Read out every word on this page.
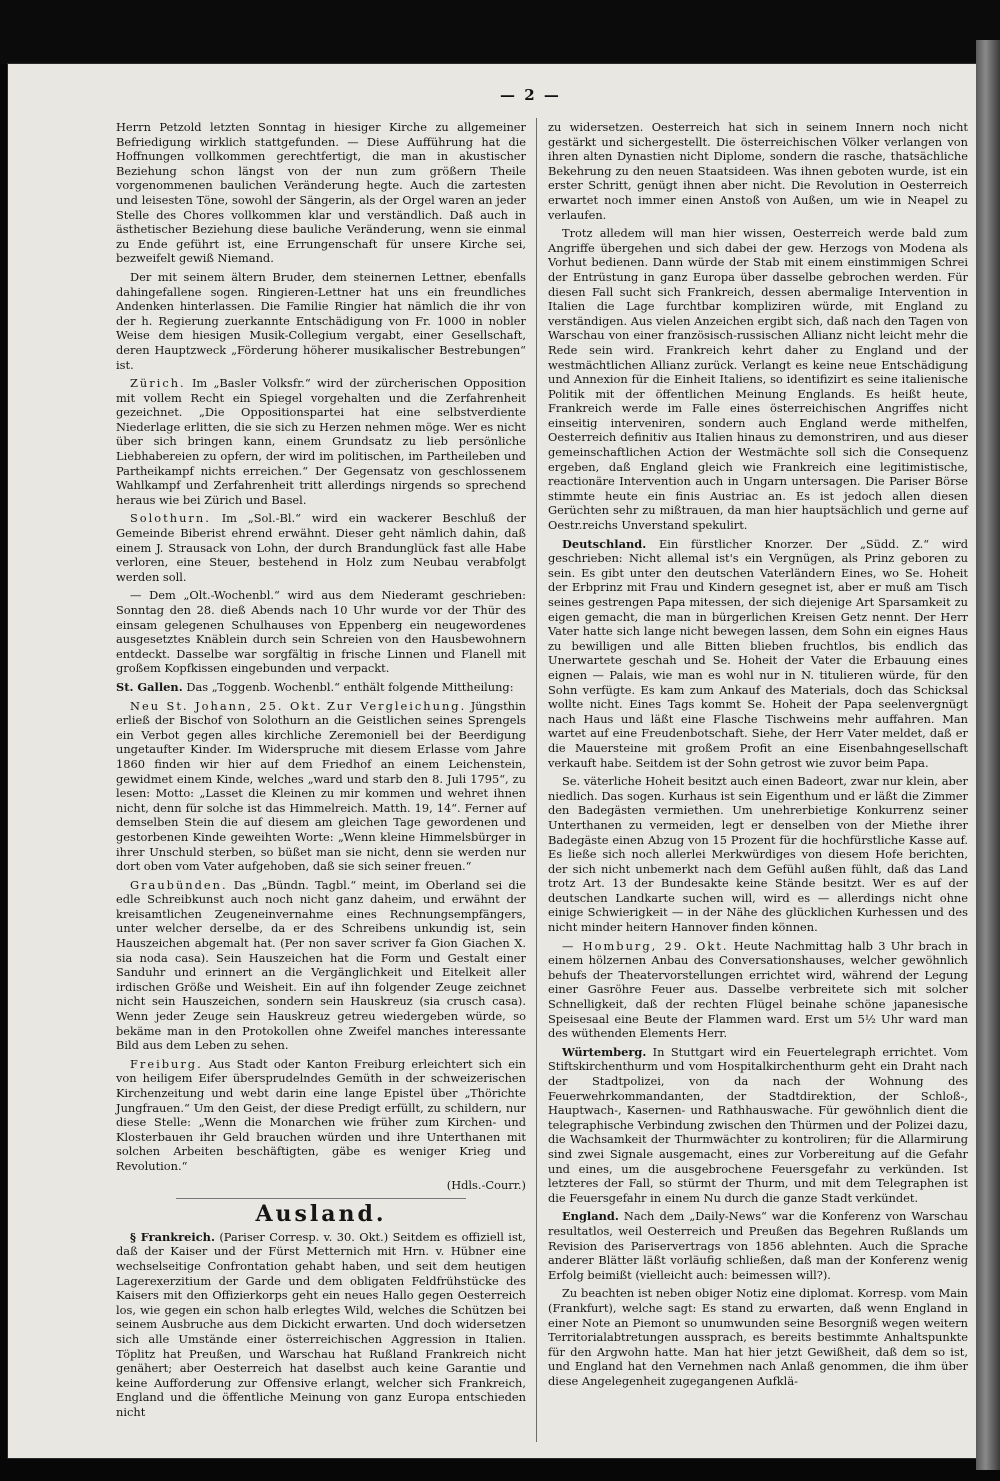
— 2 —

Herrn Petzold letzten Sonntag in hiesiger Kirche zu allgemeiner Befriedigung wirklich stattgefunden. — Diese Aufführung hat die Hoffnungen vollkommen gerechtfertigt, die man in akustischer Beziehung schon längst von der nun zum größern Theile vorgenommenen baulichen Veränderung hegte. Auch die zartesten und leisesten Töne, sowohl der Sängerin, als der Orgel waren an jeder Stelle des Chores vollkommen klar und verständlich. Daß auch in ästhetischer Beziehung diese bauliche Veränderung, wenn sie einmal zu Ende geführt ist, eine Errungenschaft für unsere Kirche sei, bezweifelt gewiß Niemand.

Der mit seinem ältern Bruder, dem steinernen Lettner, ebenfalls dahingefallene sogen. Ringieren-Lettner hat uns ein freundliches Andenken hinterlassen. Die Familie Ringier hat nämlich die ihr von der h. Regierung zuerkannte Entschädigung von Fr. 1000 in nobler Weise dem hiesigen Musik-Collegium vergabt, einer Gesellschaft, deren Hauptzweck „Förderung höherer musikalischer Bestrebungen“ ist.

Zürich. Im „Basler Volksfr.“ wird der zürcherischen Opposition mit vollem Recht ein Spiegel vorgehalten und die Zerfahrenheit gezeichnet. „Die Oppositionspartei hat eine selbstverdiente Niederlage erlitten, die sie sich zu Herzen nehmen möge. Wer es nicht über sich bringen kann, einem Grundsatz zu lieb persönliche Liebhabereien zu opfern, der wird im politischen, im Partheileben und Partheikampf nichts erreichen.“ Der Gegensatz von geschlossenem Wahlkampf und Zerfahrenheit tritt allerdings nirgends so sprechend heraus wie bei Zürich und Basel.

Solothurn. Im „Sol.-Bl.“ wird ein wackerer Beschluß der Gemeinde Biberist ehrend erwähnt. Dieser geht nämlich dahin, daß einem J. Strausack von Lohn, der durch Brandunglück fast alle Habe verloren, eine Steuer, bestehend in Holz zum Neubau verabfolgt werden soll.

— Dem „Olt.-Wochenbl.“ wird aus dem Niederamt geschrieben: Sonntag den 28. dieß Abends nach 10 Uhr wurde vor der Thür des einsam gelegenen Schulhauses von Eppenberg ein neugewordenes ausgesetztes Knäblein durch sein Schreien von den Hausbewohnern entdeckt. Dasselbe war sorgfältig in frische Linnen und Flanell mit großem Kopfkissen eingebunden und verpackt.

St. Gallen. Das „Toggenb. Wochenbl.“ enthält folgende Mittheilung:

Neu St. Johann, 25. Okt. Zur Vergleichung. Jüngsthin erließ der Bischof von Solothurn an die Geistlichen seines Sprengels ein Verbot gegen alles kirchliche Zeremoniell bei der Beerdigung ungetaufter Kinder. Im Widerspruche mit diesem Erlasse vom Jahre 1860 finden wir hier auf dem Friedhof an einem Leichenstein, gewidmet einem Kinde, welches „ward und starb den 8. Juli 1795“, zu lesen: Motto: „Lasset die Kleinen zu mir kommen und wehret ihnen nicht, denn für solche ist das Himmelreich. Matth. 19, 14“. Ferner auf demselben Stein die auf diesem am gleichen Tage gewordenen und gestorbenen Kinde geweihten Worte: „Wenn kleine Himmelsbürger in ihrer Unschuld sterben, so büßet man sie nicht, denn sie werden nur dort oben vom Vater aufgehoben, daß sie sich seiner freuen.“

Graubünden. Das „Bündn. Tagbl.“ meint, im Oberland sei die edle Schreibkunst auch noch nicht ganz daheim, und erwähnt der kreisamtlichen Zeugeneinvernahme eines Rechnungsempfängers, unter welcher derselbe, da er des Schreibens unkundig ist, sein Hauszeichen abgemalt hat. (Per non saver scriver fa Gion Giachen X. sia noda casa). Sein Hauszeichen hat die Form und Gestalt einer Sanduhr und erinnert an die Vergänglichkeit und Eitelkeit aller irdischen Größe und Weisheit. Ein auf ihn folgender Zeuge zeichnet nicht sein Hauszeichen, sondern sein Hauskreuz (sia crusch casa). Wenn jeder Zeuge sein Hauskreuz getreu wiedergeben würde, so bekäme man in den Protokollen ohne Zweifel manches interessante Bild aus dem Leben zu sehen.

Freiburg. Aus Stadt oder Kanton Freiburg erleichtert sich ein von heiligem Eifer übersprudelndes Gemüth in der schweizerischen Kirchenzeitung und webt darin eine lange Epistel über „Thörichte Jungfrauen.“ Um den Geist, der diese Predigt erfüllt, zu schildern, nur diese Stelle: „Wenn die Monarchen wie früher zum Kirchen- und Klosterbauen ihr Geld brauchen würden und ihre Unterthanen mit solchen Arbeiten beschäftigten, gäbe es weniger Krieg und Revolution.“

(Hdls.-Courr.)

Ausland.

§ Frankreich. (Pariser Corresp. v. 30. Okt.) Seitdem es offiziell ist, daß der Kaiser und der Fürst Metternich mit Hrn. v. Hübner eine wechselseitige Confrontation gehabt haben, und seit dem heutigen Lagerexerzitium der Garde und dem obligaten Feldfrühstücke des Kaisers mit den Offizierkorps geht ein neues Hallo gegen Oesterreich los, wie gegen ein schon halb erlegtes Wild, welches die Schützen bei seinem Ausbruche aus dem Dickicht erwarten. Und doch widersetzen sich alle Umstände einer österreichischen Aggression in Italien. Töplitz hat Preußen, und Warschau hat Rußland Frankreich nicht genähert; aber Oesterreich hat daselbst auch keine Garantie und keine Aufforderung zur Offensive erlangt, welcher sich Frankreich, England und die öffentliche Meinung von ganz Europa entschieden nicht

zu widersetzen. Oesterreich hat sich in seinem Innern noch nicht gestärkt und sichergestellt. Die österreichischen Völker verlangen von ihren alten Dynastien nicht Diplome, sondern die rasche, thatsächliche Bekehrung zu den neuen Staatsideen. Was ihnen geboten wurde, ist ein erster Schritt, genügt ihnen aber nicht. Die Revolution in Oesterreich erwartet noch immer einen Anstoß von Außen, um wie in Neapel zu verlaufen.

Trotz alledem will man hier wissen, Oesterreich werde bald zum Angriffe übergehen und sich dabei der gew. Herzogs von Modena als Vorhut bedienen. Dann würde der Stab mit einem einstimmigen Schrei der Entrüstung in ganz Europa über dasselbe gebrochen werden. Für diesen Fall sucht sich Frankreich, dessen abermalige Intervention in Italien die Lage furchtbar kompliziren würde, mit England zu verständigen. Aus vielen Anzeichen ergibt sich, daß nach den Tagen von Warschau von einer französisch-russischen Allianz nicht leicht mehr die Rede sein wird. Frankreich kehrt daher zu England und der westmächtlichen Allianz zurück. Verlangt es keine neue Entschädigung und Annexion für die Einheit Italiens, so identifizirt es seine italienische Politik mit der öffentlichen Meinung Englands. Es heißt heute, Frankreich werde im Falle eines österreichischen Angriffes nicht einseitig interveniren, sondern auch England werde mithelfen, Oesterreich definitiv aus Italien hinaus zu demonstriren, und aus dieser gemeinschaftlichen Action der Westmächte soll sich die Consequenz ergeben, daß England gleich wie Frankreich eine legitimistische, reactionäre Intervention auch in Ungarn untersagen. Die Pariser Börse stimmte heute ein finis Austriac an. Es ist jedoch allen diesen Gerüchten sehr zu mißtrauen, da man hier hauptsächlich und gerne auf Oestr.reichs Unverstand spekulirt.

Deutschland. Ein fürstlicher Knorzer. Der „Südd. Z.“ wird geschrieben: Nicht allemal ist's ein Vergnügen, als Prinz geboren zu sein. Es gibt unter den deutschen Vaterländern Eines, wo Se. Hoheit der Erbprinz mit Frau und Kindern gesegnet ist, aber er muß am Tisch seines gestrengen Papa mitessen, der sich diejenige Art Sparsamkeit zu eigen gemacht, die man in bürgerlichen Kreisen Getz nennt. Der Herr Vater hatte sich lange nicht bewegen lassen, dem Sohn ein eignes Haus zu bewilligen und alle Bitten blieben fruchtlos, bis endlich das Unerwartete geschah und Se. Hoheit der Vater die Erbauung eines eignen — Palais, wie man es wohl nur in N. titulieren würde, für den Sohn verfügte. Es kam zum Ankauf des Materials, doch das Schicksal wollte nicht. Eines Tags kommt Se. Hoheit der Papa seelenvergnügt nach Haus und läßt eine Flasche Tischweins mehr auffahren. Man wartet auf eine Freudenbotschaft. Siehe, der Herr Vater meldet, daß er die Mauersteine mit großem Profit an eine Eisenbahngesellschaft verkauft habe. Seitdem ist der Sohn getrost wie zuvor beim Papa.

Se. väterliche Hoheit besitzt auch einen Badeort, zwar nur klein, aber niedlich. Das sogen. Kurhaus ist sein Eigenthum und er läßt die Zimmer den Badegästen vermiethen. Um unehrerbietige Konkurrenz seiner Unterthanen zu vermeiden, legt er denselben von der Miethe ihrer Badegäste einen Abzug von 15 Prozent für die hochfürstliche Kasse auf. Es ließe sich noch allerlei Merkwürdiges von diesem Hofe berichten, der sich nicht unbemerkt nach dem Gefühl außen fühlt, daß das Land trotz Art. 13 der Bundesakte keine Stände besitzt. Wer es auf der deutschen Landkarte suchen will, wird es — allerdings nicht ohne einige Schwierigkeit — in der Nähe des glücklichen Kurhessen und des nicht minder heitern Hannover finden können.

— Homburg, 29. Okt. Heute Nachmittag halb 3 Uhr brach in einem hölzernen Anbau des Conversationshauses, welcher gewöhnlich behufs der Theatervorstellungen errichtet wird, während der Legung einer Gasröhre Feuer aus. Dasselbe verbreitete sich mit solcher Schnelligkeit, daß der rechten Flügel beinahe schöne japanesische Speisesaal eine Beute der Flammen ward. Erst um 5½ Uhr ward man des wüthenden Elements Herr.

Würtemberg. In Stuttgart wird ein Feuertelegraph errichtet. Vom Stiftskirchenthurm und vom Hospitalkirchenthurm geht ein Draht nach der Stadtpolizei, von da nach der Wohnung des Feuerwehrkommandanten, der Stadtdirektion, der Schloß-, Hauptwach-, Kasernen- und Rathhauswache. Für gewöhnlich dient die telegraphische Verbindung zwischen den Thürmen und der Polizei dazu, die Wachsamkeit der Thurmwächter zu kontroliren; für die Allarmirung sind zwei Signale ausgemacht, eines zur Vorbereitung auf die Gefahr und eines, um die ausgebrochene Feuersgefahr zu verkünden. Ist letzteres der Fall, so stürmt der Thurm, und mit dem Telegraphen ist die Feuersgefahr in einem Nu durch die ganze Stadt verkündet.

England. Nach dem „Daily-News“ war die Konferenz von Warschau resultatlos, weil Oesterreich und Preußen das Begehren Rußlands um Revision des Pariservertrags von 1856 ablehnten. Auch die Sprache anderer Blätter läßt vorläufig schließen, daß man der Konferenz wenig Erfolg beimißt (vielleicht auch: beimessen will?).

Zu beachten ist neben obiger Notiz eine diplomat. Korresp. vom Main (Frankfurt), welche sagt: Es stand zu erwarten, daß wenn England in einer Note an Piemont so unumwunden seine Besorgniß wegen weitern Territorialabtretungen aussprach, es bereits bestimmte Anhaltspunkte für den Argwohn hatte. Man hat hier jetzt Gewißheit, daß dem so ist, und England hat den Vernehmen nach Anlaß genommen, die ihm über diese Angelegenheit zugegangenen Aufklä-
